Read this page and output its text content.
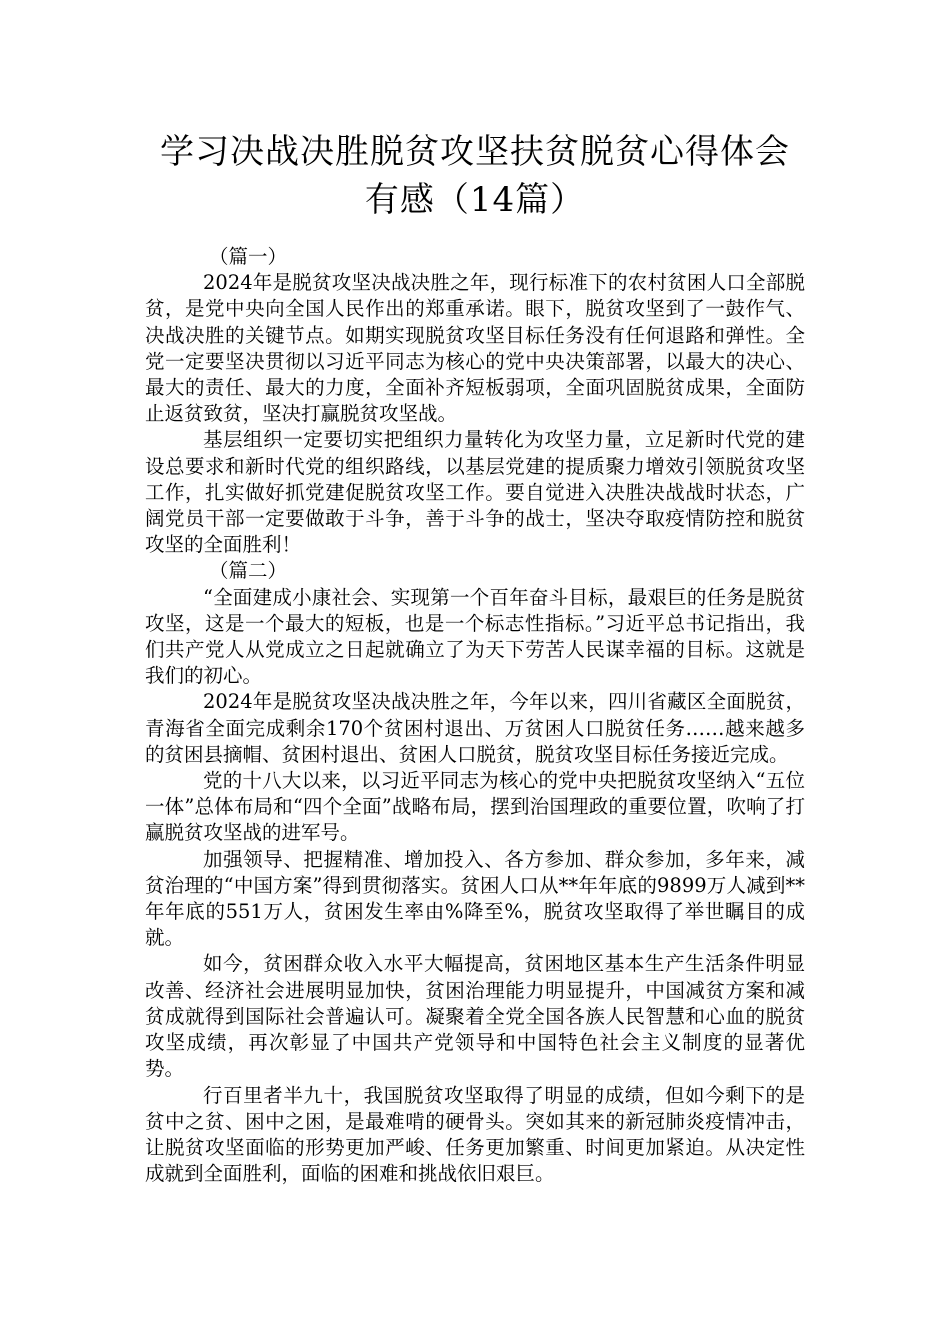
学习决战决胜脱贫攻坚扶贫脱贫心得体会有感（14篇）

（篇一）

2024年是脱贫攻坚决战决胜之年，现行标准下的农村贫困人口全部脱贫，是党中央向全国人民作出的郑重承诺。眼下，脱贫攻坚到了一鼓作气、决战决胜的关键节点。如期实现脱贫攻坚目标任务没有任何退路和弹性。全党一定要坚决贯彻以习近平同志为核心的党中央决策部署，以最大的决心、最大的责任、最大的力度，全面补齐短板弱项，全面巩固脱贫成果，全面防止返贫致贫，坚决打赢脱贫攻坚战。

基层组织一定要切实把组织力量转化为攻坚力量，立足新时代党的建设总要求和新时代党的组织路线，以基层党建的提质聚力增效引领脱贫攻坚工作，扎实做好抓党建促脱贫攻坚工作。要自觉进入决胜决战战时状态，广阔党员干部一定要做敢于斗争，善于斗争的战士，坚决夺取疫情防控和脱贫攻坚的全面胜利！

（篇二）

“全面建成小康社会、实现第一个百年奋斗目标，最艰巨的任务是脱贫攻坚，这是一个最大的短板，也是一个标志性指标。”习近平总书记指出，我们共产党人从党成立之日起就确立了为天下劳苦人民谋幸福的目标。这就是我们的初心。

2024年是脱贫攻坚决战决胜之年，今年以来，四川省藏区全面脱贫，青海省全面完成剩余170个贫困村退出、万贫困人口脱贫任务……越来越多的贫困县摘帽、贫困村退出、贫困人口脱贫，脱贫攻坚目标任务接近完成。

党的十八大以来，以习近平同志为核心的党中央把脱贫攻坚纳入“五位一体”总体布局和“四个全面”战略布局，摆到治国理政的重要位置，吹响了打赢脱贫攻坚战的进军号。

加强领导、把握精准、增加投入、各方参加、群众参加，多年来，减贫治理的“中国方案”得到贯彻落实。贫困人口从**年年底的9899万人减到**年年底的551万人，贫困发生率由%降至%，脱贫攻坚取得了举世瞩目的成就。

如今，贫困群众收入水平大幅提高，贫困地区基本生产生活条件明显改善、经济社会进展明显加快，贫困治理能力明显提升，中国减贫方案和减贫成就得到国际社会普遍认可。凝聚着全党全国各族人民智慧和心血的脱贫攻坚成绩，再次彰显了中国共产党领导和中国特色社会主义制度的显著优势。

行百里者半九十，我国脱贫攻坚取得了明显的成绩，但如今剩下的是贫中之贫、困中之困，是最难啃的硬骨头。突如其来的新冠肺炎疫情冲击，让脱贫攻坚面临的形势更加严峻、任务更加繁重、时间更加紧迫。从决定性成就到全面胜利，面临的困难和挑战依旧艰巨。
